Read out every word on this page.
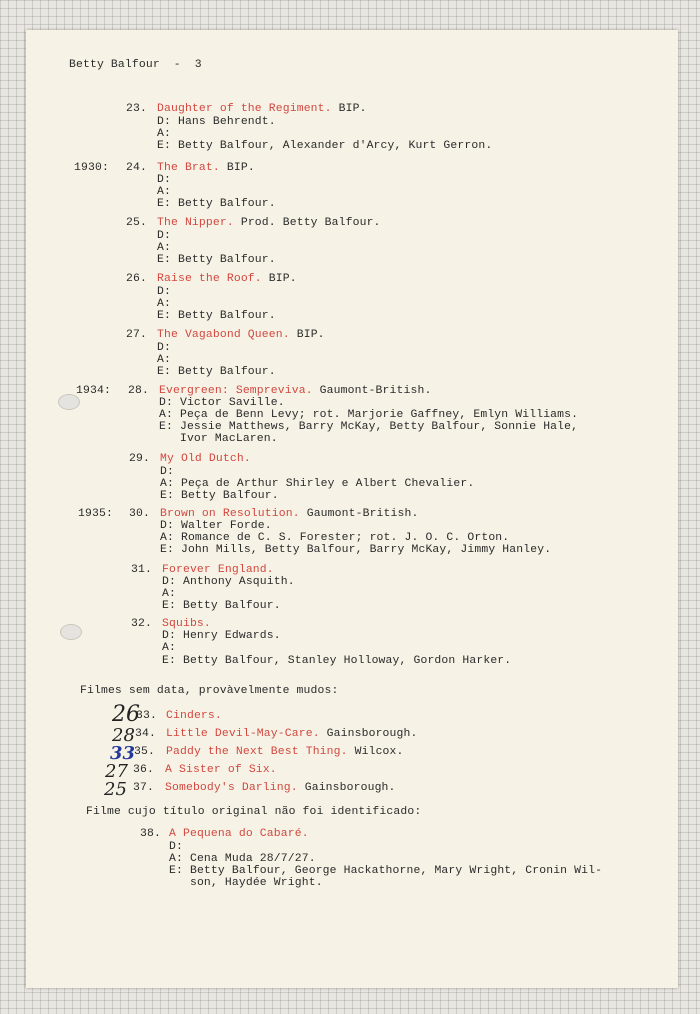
Betty Balfour  -  3
23. Daughter of the Regiment. BIP.
D: Hans Behrendt.
A:
E: Betty Balfour, Alexander d'Arcy, Kurt Gerron.
1930: 24. The Brat. BIP.
D:
A:
E: Betty Balfour.
25. The Nipper. Prod. Betty Balfour.
D:
A:
E: Betty Balfour.
26. Raise the Roof. BIP.
D:
A:
E: Betty Balfour.
27. The Vagabond Queen. BIP.
D:
A:
E: Betty Balfour.
1934: 28. Evergreen: Sempreviva. Gaumont-British.
D: Victor Saville.
A: Peça de Benn Levy; rot. Marjorie Gaffney, Emlyn Williams.
E: Jessie Matthews, Barry McKay, Betty Balfour, Sonnie Hale,
Ivor MacLaren.
29. My Old Dutch.
D:
A: Peça de Arthur Shirley e Albert Chevalier.
E: Betty Balfour.
1935: 30. Brown on Resolution. Gaumont-British.
D: Walter Forde.
A: Romance de C. S. Forester; rot. J. O. C. Orton.
E: John Mills, Betty Balfour, Barry McKay, Jimmy Hanley.
31. Forever England.
D: Anthony Asquith.
A:
E: Betty Balfour.
32. Squibs.
D: Henry Edwards.
A:
E: Betty Balfour, Stanley Holloway, Gordon Harker.
Filmes sem data, provàvelmente mudos:
26
28
33
27
25
33. Cinders.
34. Little Devil-May-Care. Gainsborough.
35. Paddy the Next Best Thing. Wilcox.
36. A Sister of Six.
37. Somebody's Darling. Gainsborough.
Filme cujo título original não foi identificado:
38. A Pequena do Cabaré.
D:
A: Cena Muda 28/7/27.
E: Betty Balfour, George Hackathorne, Mary Wright, Cronin Wil-
son, Haydée Wright.
